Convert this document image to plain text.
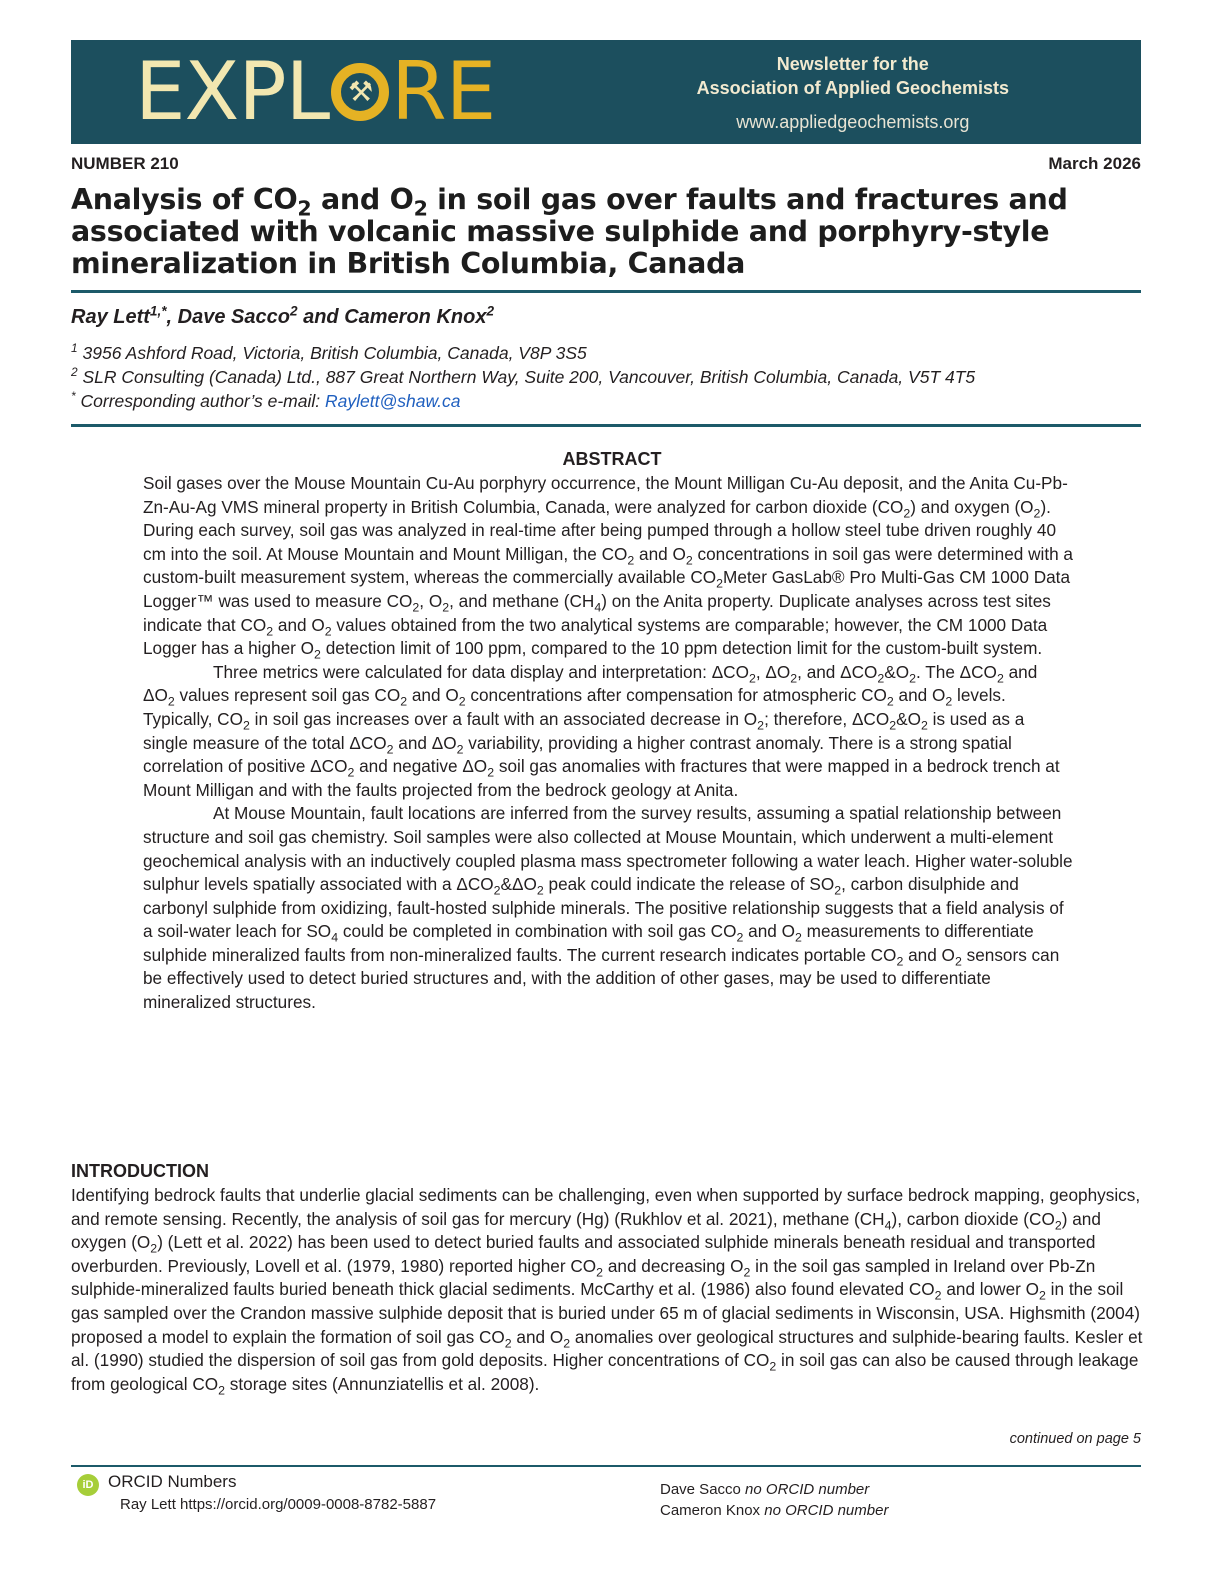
EXPL ⚒ RE	Newsletter for the
Association of Applied Geochemists
www.appliedgeochemists.org
NUMBER 210	March 2026
Analysis of $CO_2$ and $O_2$ in soil gas over faults and fractures and associated with volcanic massive sulphide and porphyry-style mineralization in British Columbia, Canada
Ray Lett$^{1,*}$, Dave Sacco$^2$ and Cameron Knox$^2$
$^1$ 3956 Ashford Road, Victoria, British Columbia, Canada, V8P 3S5
$^2$ SLR Consulting (Canada) Ltd., 887 Great Northern Way, Suite 200, Vancouver, British Columbia, Canada, V5T 4T5
* Corresponding author’s e-mail: Raylett@shaw.ca
ABSTRACT

Soil gases over the Mouse Mountain Cu-Au porphyry occurrence, the Mount Milligan Cu-Au deposit, and the Anita Cu-Pb-Zn-Au-Ag VMS mineral property in British Columbia, Canada, were analyzed for carbon dioxide $(CO_2)$ and oxygen $(O_2)$. During each survey, soil gas was analyzed in real-time after being pumped through a hollow steel tube driven roughly 40 cm into the soil. At Mouse Mountain and Mount Milligan, the $CO_2$ and $O_2$ concentrations in soil gas were determined with a custom-built measurement system, whereas the commercially available $CO_2Meter$ GasLab® Pro Multi-Gas CM 1000 Data Logger™ was used to measure $CO_2$, $O_2$, and methane $(CH_4)$ on the Anita property. Duplicate analyses across test sites indicate that $CO_2$ and $O_2$ values obtained from the two analytical systems are comparable; however, the CM 1000 Data Logger has a higher $O_2$ detection limit of 100 ppm, compared to the 10 ppm detection limit for the custom-built system.

Three metrics were calculated for data display and interpretation: $\Delta CO_2$, $\Delta O_2$, and $\Delta CO_2\&O_2$. The $\Delta CO_2$ and $\Delta O_2$ values represent soil gas $CO_2$ and $O_2$ concentrations after compensation for atmospheric $CO_2$ and $O_2$ levels. Typically, $CO_2$ in soil gas increases over a fault with an associated decrease in $O_2$; therefore, $\Delta CO_2\&O_2$ is used as a single measure of the total $\Delta CO_2$ and $\Delta O_2$ variability, providing a higher contrast anomaly. There is a strong spatial correlation of positive $\Delta CO_2$ and negative $\Delta O_2$ soil gas anomalies with fractures that were mapped in a bedrock trench at Mount Milligan and with the faults projected from the bedrock geology at Anita.

At Mouse Mountain, fault locations are inferred from the survey results, assuming a spatial relationship between structure and soil gas chemistry. Soil samples were also collected at Mouse Mountain, which underwent a multi-element geochemical analysis with an inductively coupled plasma mass spectrometer following a water leach. Higher water-soluble sulphur levels spatially associated with a $\Delta CO_2\&\Delta O_2$ peak could indicate the release of $SO_2$, carbon disulphide and carbonyl sulphide from oxidizing, fault-hosted sulphide minerals. The positive relationship suggests that a field analysis of a soil-water leach for $SO_4$ could be completed in combination with soil gas $CO_2$ and $O_2$ measurements to differentiate sulphide mineralized faults from non-mineralized faults. The current research indicates portable $CO_2$ and $O_2$ sensors can be effectively used to detect buried structures and, with the addition of other gases, may be used to differentiate mineralized structures.

INTRODUCTION

Identifying bedrock faults that underlie glacial sediments can be challenging, even when supported by surface bedrock mapping, geophysics, and remote sensing. Recently, the analysis of soil gas for mercury (Hg) (Rukhlov et al. 2021), methane $(CH_4)$, carbon dioxide $(CO_2)$ and oxygen $(O_2)$ (Lett et al. 2022) has been used to detect buried faults and associated sulphide minerals beneath residual and transported overburden. Previously, Lovell et al. (1979, 1980) reported higher $CO_2$ and decreasing $O_2$ in the soil gas sampled in Ireland over Pb-Zn sulphide-mineralized faults buried beneath thick glacial sediments. McCarthy et al. (1986) also found elevated $CO_2$ and lower $O_2$ in the soil gas sampled over the Crandon massive sulphide deposit that is buried under 65 m of glacial sediments in Wisconsin, USA. Highsmith (2004) proposed a model to explain the formation of soil gas $CO_2$ and $O_2$ anomalies over geological structures and sulphide-bearing faults. Kesler et al. (1990) studied the dispersion of soil gas from gold deposits. Higher concentrations of $CO_2$ in soil gas can also be caused through leakage from geological $CO_2$ storage sites (Annunziatellis et al. 2008).

continued on page 5
iD ORCID Numbers
Ray Lett https://orcid.org/0009-0008-8782-5887
Dave Sacco no ORCID number
Cameron Knox no ORCID number
